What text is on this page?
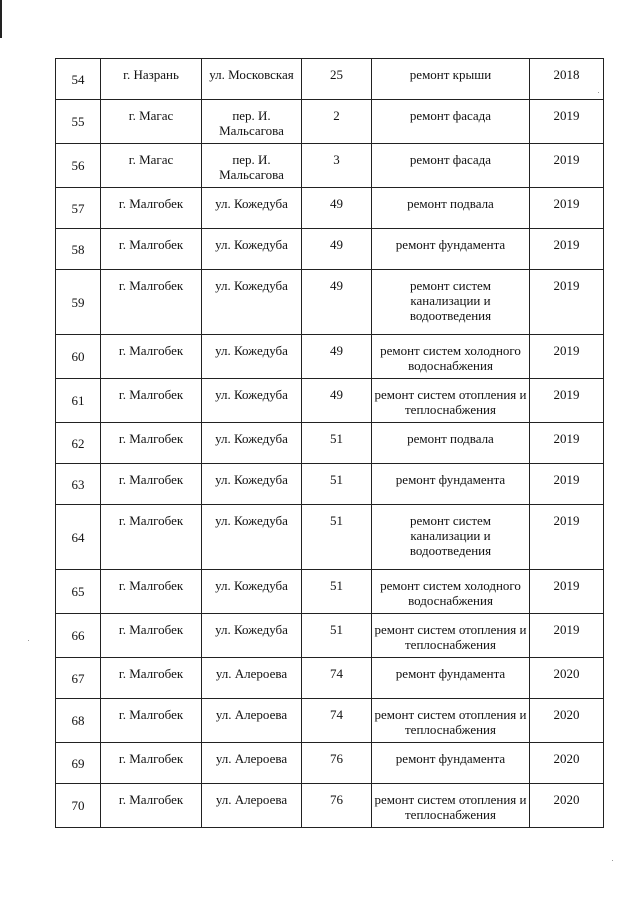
54	г. Назрань	ул. Московская	25	ремонт крыши	2018
55	г. Магас	пер. И. Мальсагова	2	ремонт фасада	2019
56	г. Магас	пер. И. Мальсагова	3	ремонт фасада	2019
57	г. Малгобек	ул. Кожедуба	49	ремонт подвала	2019
58	г. Малгобек	ул. Кожедуба	49	ремонт фундамента	2019
59	г. Малгобек	ул. Кожедуба	49	ремонт систем канализации и водоотведения	2019
60	г. Малгобек	ул. Кожедуба	49	ремонт систем холодного водоснабжения	2019
61	г. Малгобек	ул. Кожедуба	49	ремонт систем отопления и теплоснабжения	2019
62	г. Малгобек	ул. Кожедуба	51	ремонт подвала	2019
63	г. Малгобек	ул. Кожедуба	51	ремонт фундамента	2019
64	г. Малгобек	ул. Кожедуба	51	ремонт систем канализации и водоотведения	2019
65	г. Малгобек	ул. Кожедуба	51	ремонт систем холодного водоснабжения	2019
66	г. Малгобек	ул. Кожедуба	51	ремонт систем отопления и теплоснабжения	2019
67	г. Малгобек	ул. Алероева	74	ремонт фундамента	2020
68	г. Малгобек	ул. Алероева	74	ремонт систем отопления и теплоснабжения	2020
69	г. Малгобек	ул. Алероева	76	ремонт фундамента	2020
70	г. Малгобек	ул. Алероева	76	ремонт систем отопления и теплоснабжения	2020
